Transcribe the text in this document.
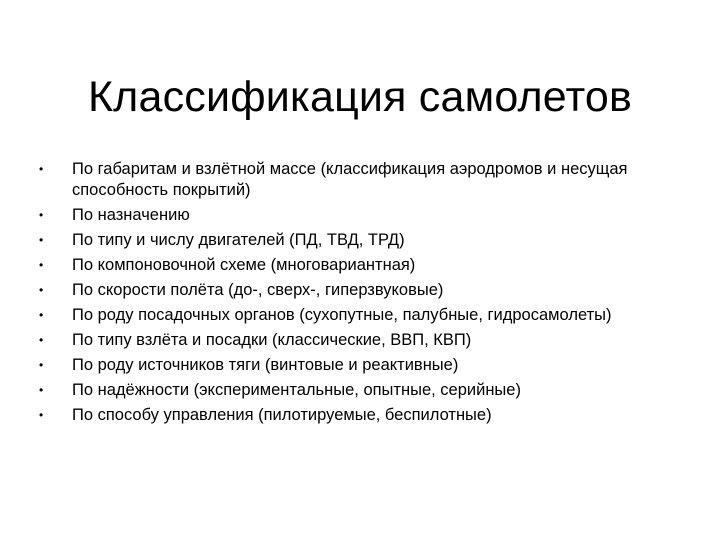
Классификация самолетов
•	По габаритам и взлётной массе (классификация аэродромов и несущая способность покрытий)
•	По назначению
•	По типу и числу двигателей (ПД, ТВД, ТРД)
•	По компоновочной схеме (многовариантная)
•	По скорости полёта (до-, сверх-, гиперзвуковые)
•	По роду посадочных органов (сухопутные, палубные, гидросамолеты)
•	По типу взлёта и посадки (классические, ВВП, КВП)
•	По роду источников тяги (винтовые и реактивные)
•	По надёжности (экспериментальные, опытные, серийные)
•	По способу управления (пилотируемые, беспилотные)
